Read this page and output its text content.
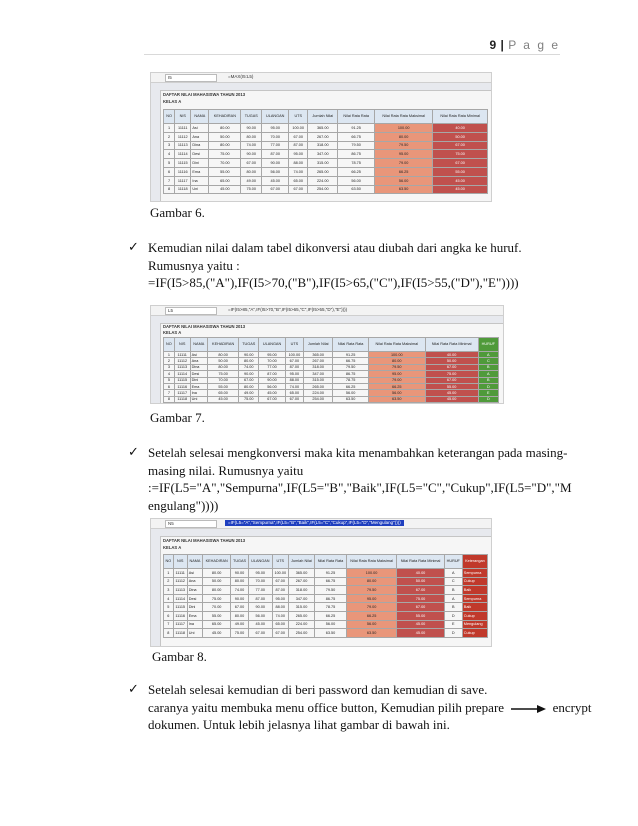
9 | P a g e
I5	=MAX(I5:L5)
DAFTAR NILAI MAHASISWA TAHUN 2013
KELAS A
NO	NIS	NAMA	KEHADIRAN	TUGAS	ULANGAN	UTS	Jumlah Nilai	Nilai Rata Rata	Nilai Rata Rata Maksimal	Nilai Rata Rata Minimal
1	11111	Asi	80.00	90.00	95.00	100.00	365.00	91.25	100.00	40.00
2	11112	Ana	50.00	80.00	70.00	67.00	267.00	66.75	80.00	50.00
3	11113	Dina	80.00	74.00	77.00	87.00	318.00	79.50	79.50	67.00
4	11114	Desi	75.00	90.00	87.00	95.00	347.00	86.75	95.00	75.00
5	11115	Dini	70.00	67.00	90.00	88.00	315.00	78.75	79.00	67.00
6	11116	Ema	55.00	80.00	56.00	74.00	265.00	66.25	66.25	55.00
7	11117	Ina	65.00	49.00	45.00	65.00	224.00	56.00	56.00	45.00
8	11118	Uni	45.00	75.00	67.00	67.00	254.00	63.50	63.50	45.00
Gambar 6.
✓ Kemudian nilai dalam tabel dikonversi atau diubah dari angka ke huruf.
Rumusnya yaitu :
=IF(I5>85,("A"),IF(I5>70,("B"),IF(I5>65,("C"),IF(I5>55,("D"),"E"))))
L5	=IF(I5>85,"A",IF(I5>70,"B",IF(I5>65,"C",IF(I5>55,"D"),"E"))))
DAFTAR NILAI MAHASISWA TAHUN 2013
KELAS A
NO	NIS	NAMA	KEHADIRAN	TUGAS	ULANGAN	UTS	Jumlah Nilai	Nilai Rata Rata	Nilai Rata Rata Maksimal	Nilai Rata Rata Minimal	HURUF
1	11111	Asi	80.00	90.00	95.00	100.00	365.00	91.25	100.00	40.00	A
2	11112	Ana	50.00	80.00	70.00	67.00	267.00	66.75	80.00	50.00	C
3	11113	Dina	80.00	74.00	77.00	87.00	318.00	79.50	79.50	67.00	B
4	11114	Desi	75.00	90.00	87.00	95.00	347.00	86.75	95.00	75.00	A
5	11115	Dini	70.00	67.00	90.00	88.00	315.00	78.75	79.00	67.00	B
6	11116	Ema	55.00	80.00	56.00	74.00	265.00	66.25	66.25	55.00	D
7	11117	Ina	65.00	49.00	45.00	65.00	224.00	56.00	56.00	45.00	E
8	11118	Uni	45.00	75.00	67.00	67.00	254.00	63.50	63.50	45.00	D
Gambar 7.
✓ Setelah selesai mengkonversi maka kita menambahkan keterangan pada masing-
masing nilai. Rumusnya yaitu
:=IF(L5="A","Sempurna",IF(L5="B","Baik",IF(L5="C","Cukup",IF(L5="D","M
engulang"))))
N5	=IF(L5="A","Sempurna",IF(L5="B","Baik",IF(L5="C","Cukup",IF(L5="D","Mengulang"))))
DAFTAR NILAI MAHASISWA TAHUN 2013
KELAS A
NO	NIS	NAMA	KEHADIRAN	TUGAS	ULANGAN	UTS	Jumlah Nilai	Nilai Rata Rata	Nilai Rata Rata Maksimal	Nilai Rata Rata Minimal	HURUF	Keterangan
1	11111	Asi	80.00	90.00	95.00	100.00	365.00	91.25	100.00	40.00	A	Sempurna
2	11112	Ana	50.00	80.00	70.00	67.00	267.00	66.75	80.00	50.00	C	Cukup
3	11113	Dina	80.00	74.00	77.00	87.00	318.00	79.50	79.50	67.00	B	Baik
4	11114	Desi	75.00	90.00	87.00	95.00	347.00	86.75	95.00	75.00	A	Sempurna
5	11115	Dini	70.00	67.00	90.00	88.00	315.00	78.75	79.00	67.00	B	Baik
6	11116	Ema	55.00	80.00	56.00	74.00	265.00	66.25	66.25	55.00	D	Cukup
7	11117	Ina	65.00	49.00	45.00	65.00	224.00	56.00	56.00	45.00	E	Mengulang
8	11118	Uni	45.00	75.00	67.00	67.00	254.00	63.50	63.50	45.00	D	Cukup
Gambar 8.
✓ Setelah selesai kemudian di beri password dan kemudian di save.
caranya yaitu membuka menu office button, Kemudian pilih prepare	encrypt
dokumen. Untuk lebih jelasnya lihat gambar di bawah ini.
